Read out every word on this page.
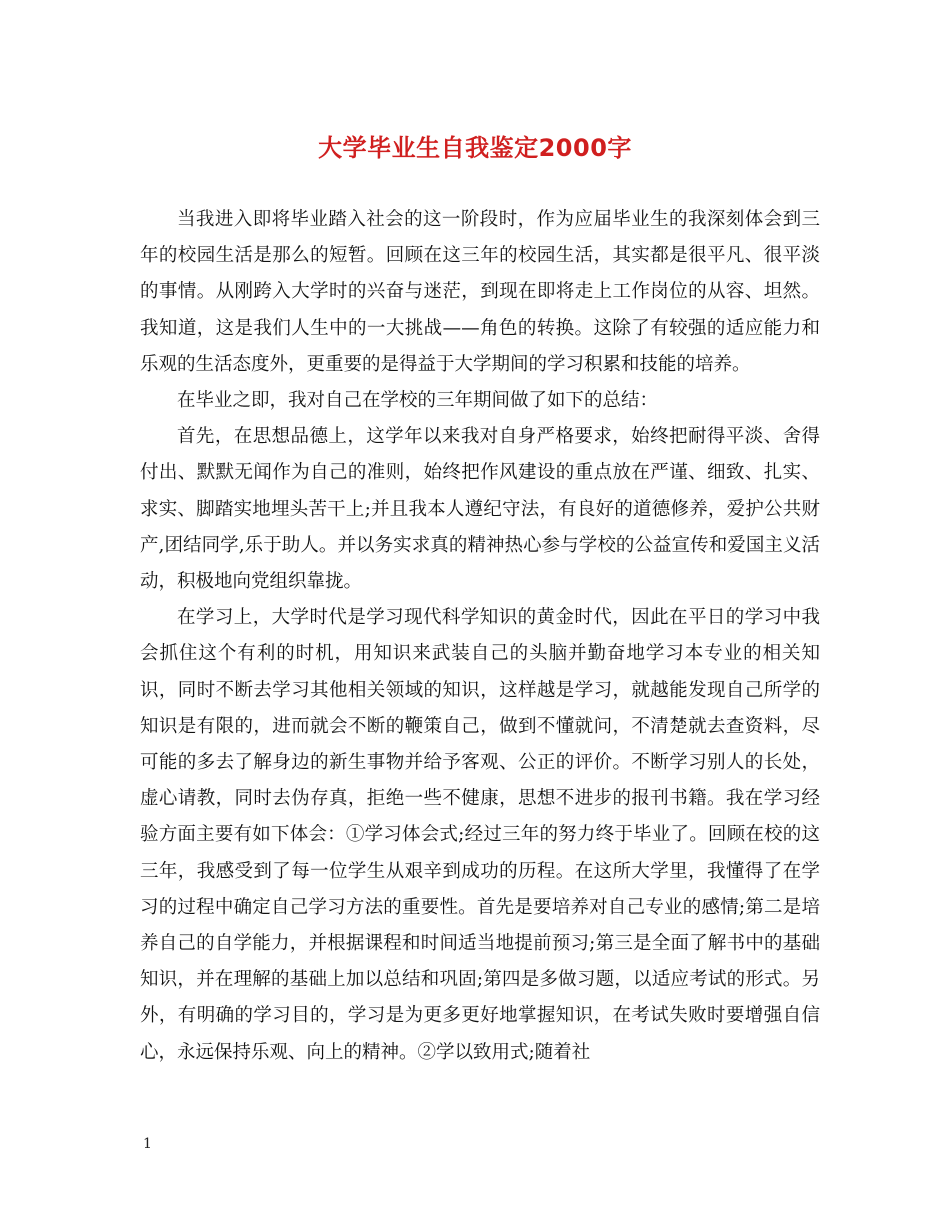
大学毕业生自我鉴定2000字

当我进入即将毕业踏入社会的这一阶段时，作为应届毕业生的我深刻体会到三年的校园生活是那么的短暂。回顾在这三年的校园生活，其实都是很平凡、很平淡的事情。从刚跨入大学时的兴奋与迷茫，到现在即将走上工作岗位的从容、坦然。我知道，这是我们人生中的一大挑战——角色的转换。这除了有较强的适应能力和乐观的生活态度外，更重要的是得益于大学期间的学习积累和技能的培养。

在毕业之即，我对自己在学校的三年期间做了如下的总结：

首先，在思想品德上，这学年以来我对自身严格要求，始终把耐得平淡、舍得付出、默默无闻作为自己的准则，始终把作风建设的重点放在严谨、细致、扎实、求实、脚踏实地埋头苦干上;并且我本人遵纪守法，有良好的道德修养，爱护公共财产,团结同学,乐于助人。并以务实求真的精神热心参与学校的公益宣传和爱国主义活动，积极地向党组织靠拢。

在学习上，大学时代是学习现代科学知识的黄金时代，因此在平日的学习中我会抓住这个有利的时机，用知识来武装自己的头脑并勤奋地学习本专业的相关知识，同时不断去学习其他相关领域的知识，这样越是学习，就越能发现自己所学的知识是有限的，进而就会不断的鞭策自己，做到不懂就问，不清楚就去查资料，尽可能的多去了解身边的新生事物并给予客观、公正的评价。不断学习别人的长处，虚心请教，同时去伪存真，拒绝一些不健康，思想不进步的报刊书籍。我在学习经验方面主要有如下体会：①学习体会式;经过三年的努力终于毕业了。回顾在校的这三年，我感受到了每一位学生从艰辛到成功的历程。在这所大学里，我懂得了在学习的过程中确定自己学习方法的重要性。首先是要培养对自己专业的感情;第二是培养自己的自学能力，并根据课程和时间适当地提前预习;第三是全面了解书中的基础知识，并在理解的基础上加以总结和巩固;第四是多做习题，以适应考试的形式。另外，有明确的学习目的，学习是为更多更好地掌握知识，在考试失败时要增强自信心，永远保持乐观、向上的精神。②学以致用式;随着社

1
